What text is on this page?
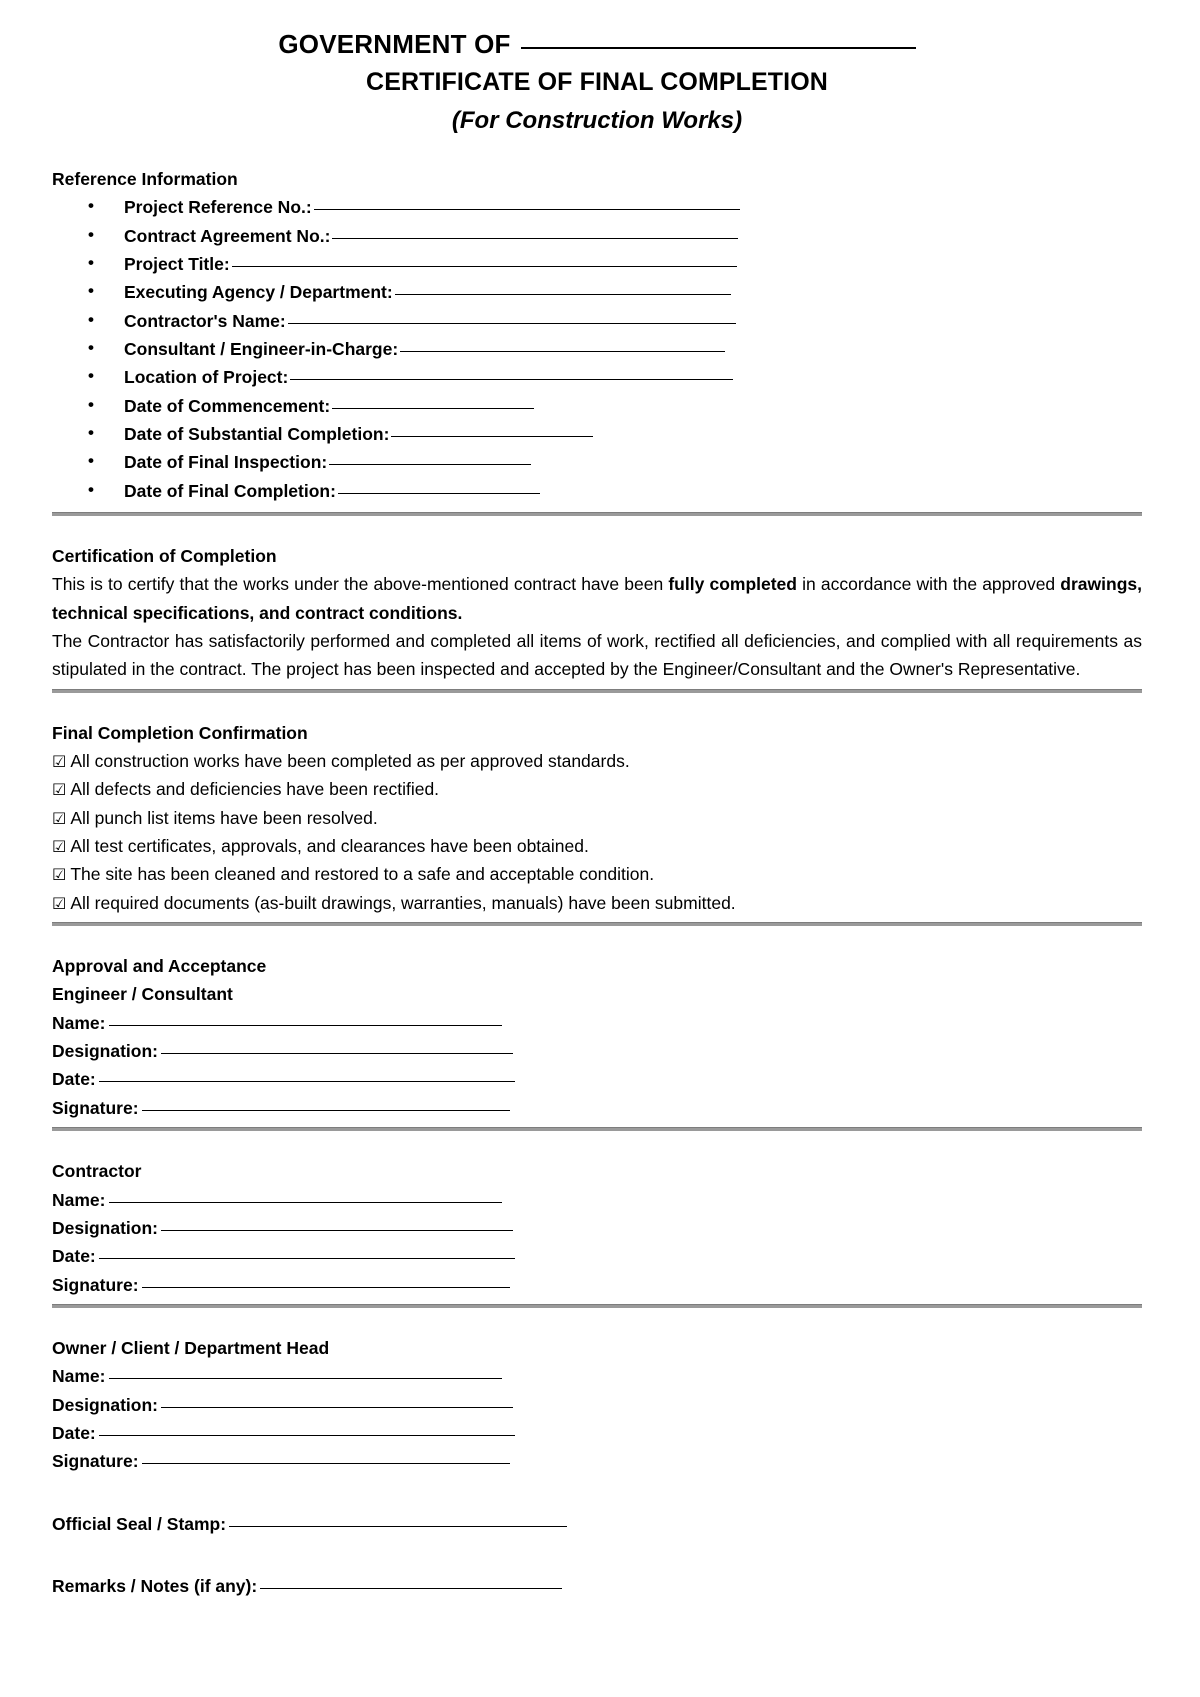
GOVERNMENT OF
CERTIFICATE OF FINAL COMPLETION
(For Construction Works)
Reference Information
• Project Reference No.:
• Contract Agreement No.:
• Project Title:
• Executing Agency / Department:
• Contractor's Name:
• Consultant / Engineer-in-Charge:
• Location of Project:
• Date of Commencement:
• Date of Substantial Completion:
• Date of Final Inspection:
• Date of Final Completion:
Certification of Completion

This is to certify that the works under the above-mentioned contract have been fully completed in accordance with the approved drawings, technical specifications, and contract conditions.

The Contractor has satisfactorily performed and completed all items of work, rectified all deficiencies, and complied with all requirements as stipulated in the contract. The project has been inspected and accepted by the Engineer/Consultant and the Owner's Representative.

Final Completion Confirmation
☑ All construction works have been completed as per approved standards.
☑ All defects and deficiencies have been rectified.
☑ All punch list items have been resolved.
☑ All test certificates, approvals, and clearances have been obtained.
☑ The site has been cleaned and restored to a safe and acceptable condition.
☑ All required documents (as-built drawings, warranties, manuals) have been submitted.
Approval and Acceptance
Engineer / Consultant
Name:
Designation:
Date:
Signature:
Contractor
Name:
Designation:
Date:
Signature:
Owner / Client / Department Head
Name:
Designation:
Date:
Signature:
Official Seal / Stamp:
Remarks / Notes (if any):
